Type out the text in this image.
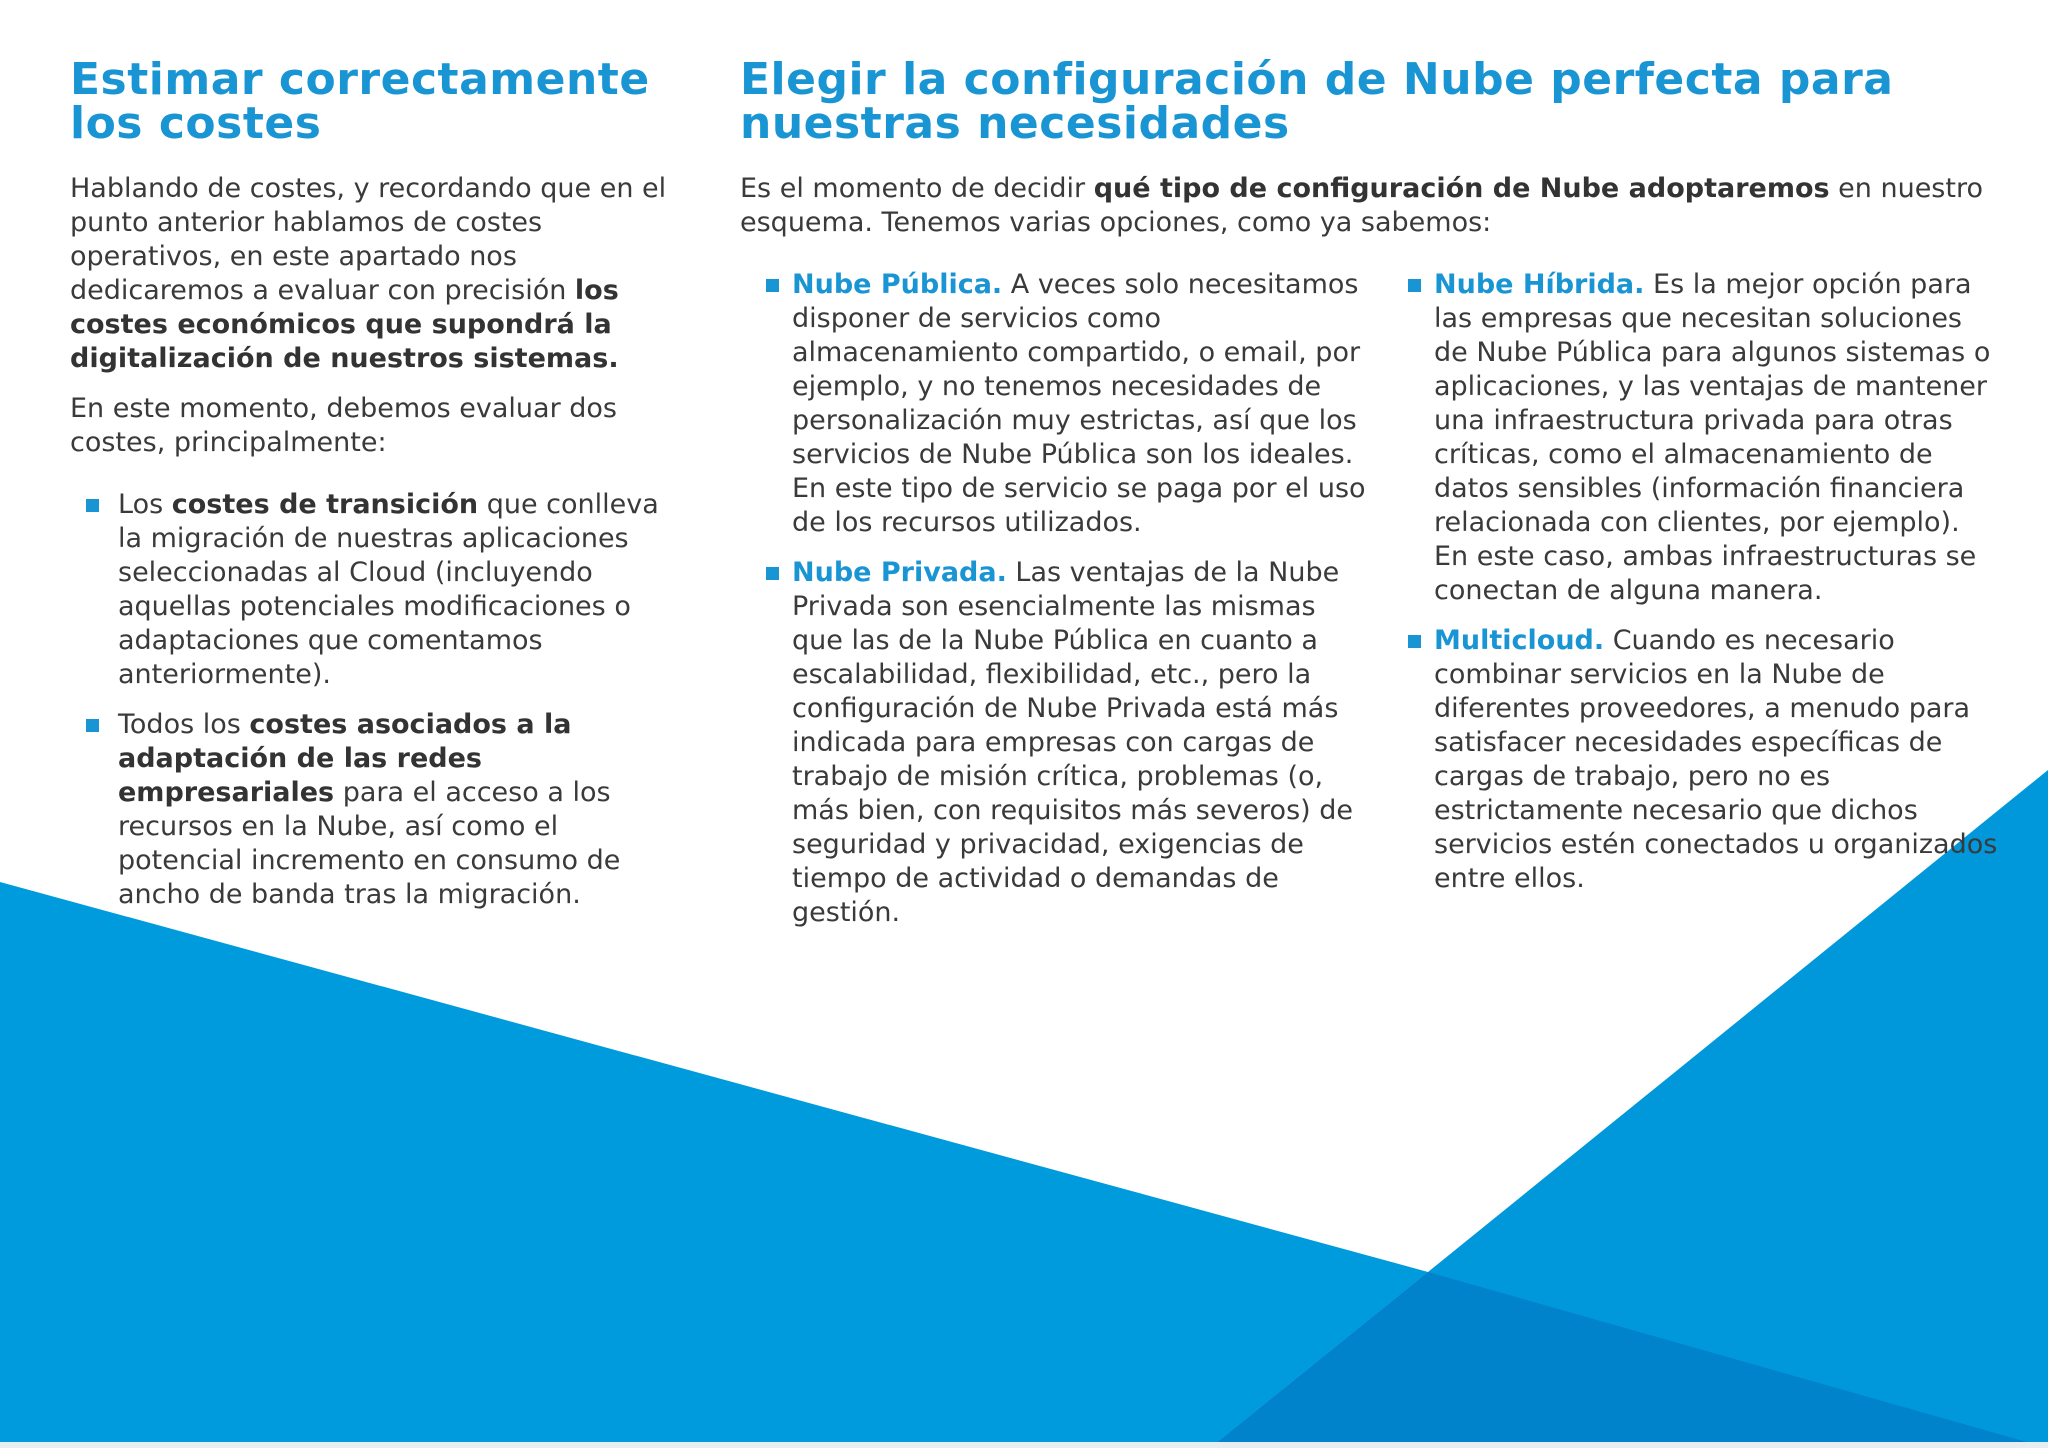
Estimar correctamente los costes

Hablando de costes, y recordando que en el punto anterior hablamos de costes operativos, en este apartado nos dedicaremos a evaluar con precisión los costes económicos que supondrá la digitalización de nuestros sistemas.

En este momento, debemos evaluar dos costes, principalmente:

Los costes de transición que conlleva la migración de nuestras aplicaciones seleccionadas al Cloud (incluyendo aquellas potenciales modificaciones o adaptaciones que comentamos anteriormente).
Todos los costes asociados a la adaptación de las redes empresariales para el acceso a los recursos en la Nube, así como el potencial incremento en consumo de ancho de banda tras la migración.
Elegir la configuración de Nube perfecta para nuestras necesidades

Es el momento de decidir qué tipo de configuración de Nube adoptaremos en nuestro esquema. Tenemos varias opciones, como ya sabemos:

Nube Pública. A veces solo necesitamos disponer de servicios como almacenamiento compartido, o email, por ejemplo, y no tenemos necesidades de personalización muy estrictas, así que los servicios de Nube Pública son los ideales. En este tipo de servicio se paga por el uso de los recursos utilizados.
Nube Privada. Las ventajas de la Nube Privada son esencialmente las mismas que las de la Nube Pública en cuanto a escalabilidad, flexibilidad, etc., pero la configuración de Nube Privada está más indicada para empresas con cargas de trabajo de misión crítica, problemas (o, más bien, con requisitos más severos) de seguridad y privacidad, exigencias de tiempo de actividad o demandas de gestión.
Nube Híbrida. Es la mejor opción para las empresas que necesitan soluciones de Nube Pública para algunos sistemas o aplicaciones, y las ventajas de mantener una infraestructura privada para otras críticas, como el almacenamiento de datos sensibles (información financiera relacionada con clientes, por ejemplo). En este caso, ambas infraestructuras se conectan de alguna manera.
Multicloud. Cuando es necesario combinar servicios en la Nube de diferentes proveedores, a menudo para satisfacer necesidades específicas de cargas de trabajo, pero no es estrictamente necesario que dichos servicios estén conectados u organizados entre ellos.
